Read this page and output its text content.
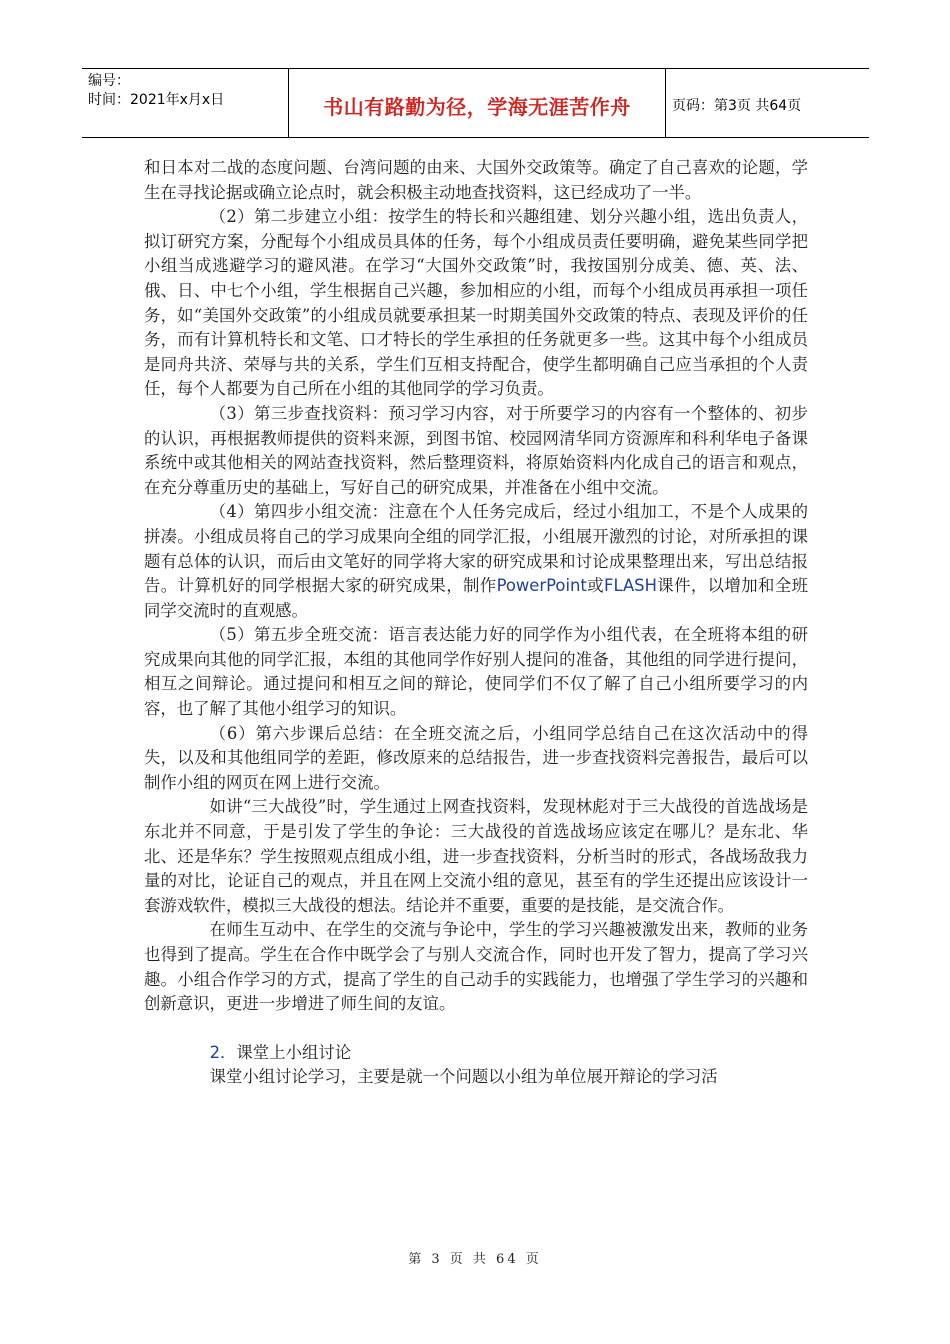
编号：
时间：2021年x月x日	书山有路勤为径，学海无涯苦作舟	页码：第3页 共64页

和日本对二战的态度问题、台湾问题的由来、大国外交政策等。确定了自己喜欢的论题，学生在寻找论据或确立论点时，就会积极主动地查找资料，这已经成功了一半。

（2）第二步建立小组：按学生的特长和兴趣组建、划分兴趣小组，选出负责人，拟订研究方案，分配每个小组成员具体的任务，每个小组成员责任要明确，避免某些同学把小组当成逃避学习的避风港。在学习“大国外交政策”时，我按国别分成美、德、英、法、俄、日、中七个小组，学生根据自己兴趣，参加相应的小组，而每个小组成员再承担一项任务，如“美国外交政策”的小组成员就要承担某一时期美国外交政策的特点、表现及评价的任务，而有计算机特长和文笔、口才特长的学生承担的任务就更多一些。这其中每个小组成员是同舟共济、荣辱与共的关系，学生们互相支持配合，使学生都明确自己应当承担的个人责任，每个人都要为自己所在小组的其他同学的学习负责。

（3）第三步查找资料：预习学习内容，对于所要学习的内容有一个整体的、初步的认识，再根据教师提供的资料来源，到图书馆、校园网清华同方资源库和科利华电子备课系统中或其他相关的网站查找资料，然后整理资料，将原始资料内化成自己的语言和观点，在充分尊重历史的基础上，写好自己的研究成果，并准备在小组中交流。

（4）第四步小组交流：注意在个人任务完成后，经过小组加工，不是个人成果的拼凑。小组成员将自己的学习成果向全组的同学汇报，小组展开激烈的讨论，对所承担的课题有总体的认识，而后由文笔好的同学将大家的研究成果和讨论成果整理出来，写出总结报告。计算机好的同学根据大家的研究成果，制作PowerPoint或FLASH课件，以增加和全班同学交流时的直观感。

（5）第五步全班交流：语言表达能力好的同学作为小组代表，在全班将本组的研究成果向其他的同学汇报，本组的其他同学作好别人提问的准备，其他组的同学进行提问，相互之间辩论。通过提问和相互之间的辩论，使同学们不仅了解了自己小组所要学习的内容，也了解了其他小组学习的知识。

（6）第六步课后总结：在全班交流之后，小组同学总结自己在这次活动中的得失，以及和其他组同学的差距，修改原来的总结报告，进一步查找资料完善报告，最后可以制作小组的网页在网上进行交流。

如讲“三大战役”时，学生通过上网查找资料，发现林彪对于三大战役的首选战场是东北并不同意，于是引发了学生的争论：三大战役的首选战场应该定在哪儿？是东北、华北、还是华东？学生按照观点组成小组，进一步查找资料，分析当时的形式，各战场敌我力量的对比，论证自己的观点，并且在网上交流小组的意见，甚至有的学生还提出应该设计一套游戏软件，模拟三大战役的想法。结论并不重要，重要的是技能，是交流合作。

在师生互动中、在学生的交流与争论中，学生的学习兴趣被激发出来，教师的业务也得到了提高。学生在合作中既学会了与别人交流合作，同时也开发了智力，提高了学习兴趣。小组合作学习的方式，提高了学生的自己动手的实践能力，也增强了学生学习的兴趣和创新意识，更进一步增进了师生间的友谊。

2．课堂上小组讨论

课堂小组讨论学习，主要是就一个问题以小组为单位展开辩论的学习活

第 3 页 共 64 页
